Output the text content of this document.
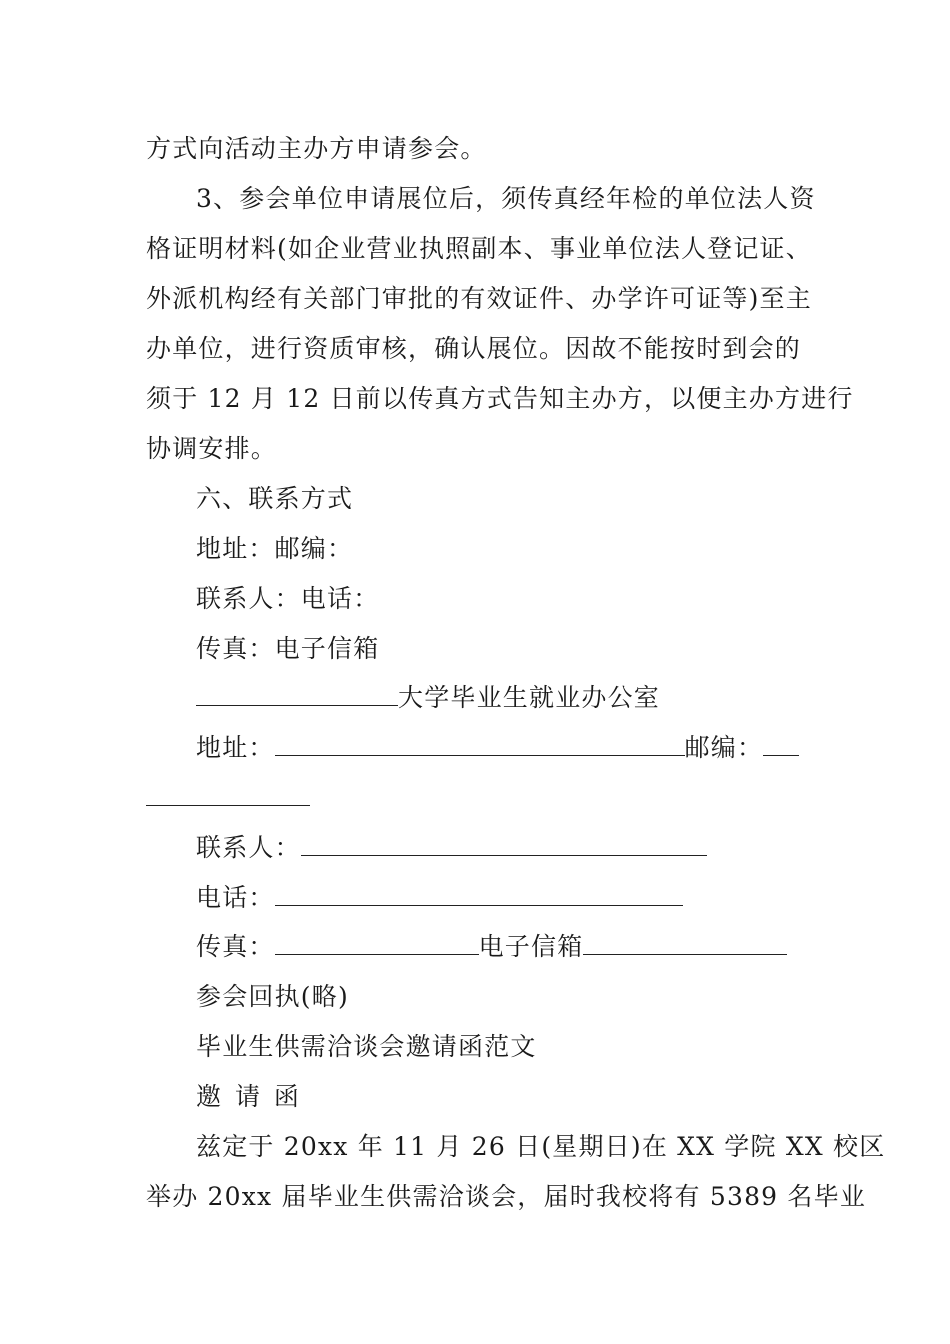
方式向活动主办方申请参会。
3、参会单位申请展位后，须传真经年检的单位法人资
格证明材料(如企业营业执照副本、事业单位法人登记证、
外派机构经有关部门审批的有效证件、办学许可证等)至主
办单位，进行资质审核，确认展位。因故不能按时到会的
须于 12 月 12 日前以传真方式告知主办方，以便主办方进行
协调安排。
六、联系方式
地址：邮编：
联系人：电话：
传真：电子信箱
大学毕业生就业办公室
地址：	邮编：
联系人：
电话：
传真：	电子信箱
参会回执(略)
毕业生供需洽谈会邀请函范文
邀 请 函
兹定于 20xx 年 11 月 26 日(星期日)在 XX 学院 XX 校区
举办 20xx 届毕业生供需洽谈会，届时我校将有 5389 名毕业
